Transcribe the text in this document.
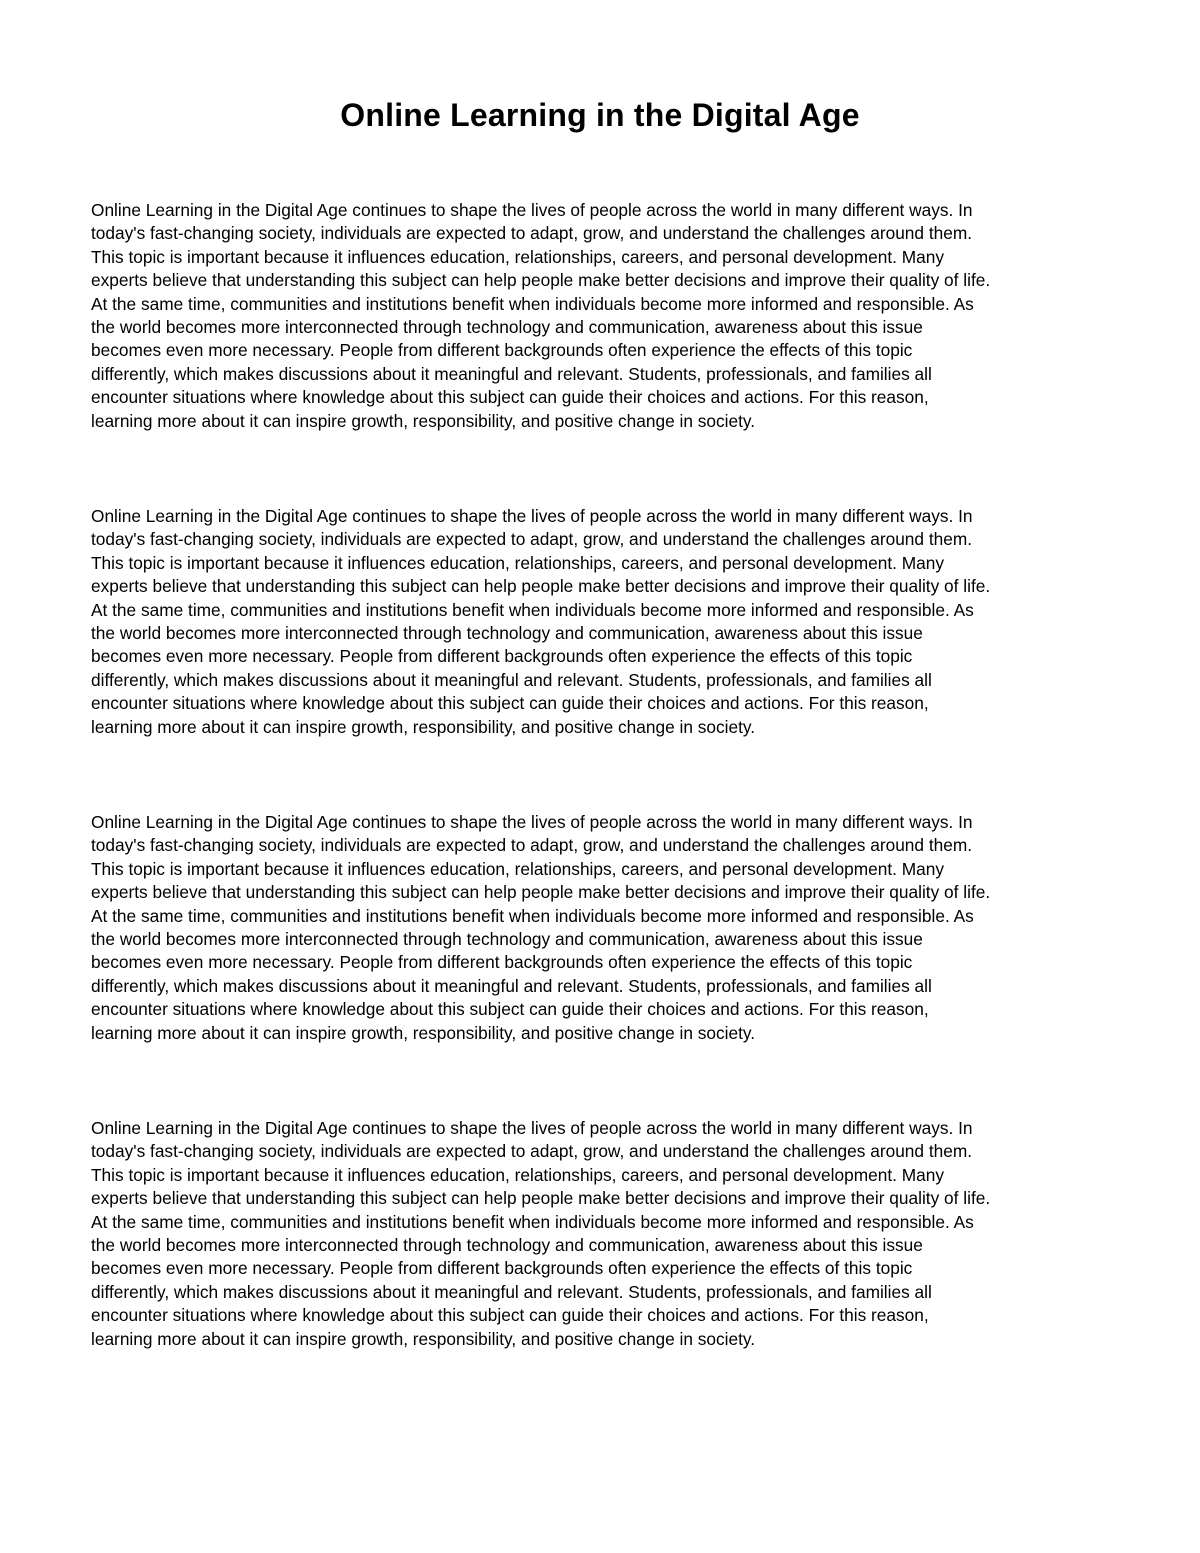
Online Learning in the Digital Age

Online Learning in the Digital Age continues to shape the lives of people across the world in many different ways. In
today's fast-changing society, individuals are expected to adapt, grow, and understand the challenges around them.
This topic is important because it influences education, relationships, careers, and personal development. Many
experts believe that understanding this subject can help people make better decisions and improve their quality of life.
At the same time, communities and institutions benefit when individuals become more informed and responsible. As
the world becomes more interconnected through technology and communication, awareness about this issue
becomes even more necessary. People from different backgrounds often experience the effects of this topic
differently, which makes discussions about it meaningful and relevant. Students, professionals, and families all
encounter situations where knowledge about this subject can guide their choices and actions. For this reason,
learning more about it can inspire growth, responsibility, and positive change in society.

Online Learning in the Digital Age continues to shape the lives of people across the world in many different ways. In
today's fast-changing society, individuals are expected to adapt, grow, and understand the challenges around them.
This topic is important because it influences education, relationships, careers, and personal development. Many
experts believe that understanding this subject can help people make better decisions and improve their quality of life.
At the same time, communities and institutions benefit when individuals become more informed and responsible. As
the world becomes more interconnected through technology and communication, awareness about this issue
becomes even more necessary. People from different backgrounds often experience the effects of this topic
differently, which makes discussions about it meaningful and relevant. Students, professionals, and families all
encounter situations where knowledge about this subject can guide their choices and actions. For this reason,
learning more about it can inspire growth, responsibility, and positive change in society.

Online Learning in the Digital Age continues to shape the lives of people across the world in many different ways. In
today's fast-changing society, individuals are expected to adapt, grow, and understand the challenges around them.
This topic is important because it influences education, relationships, careers, and personal development. Many
experts believe that understanding this subject can help people make better decisions and improve their quality of life.
At the same time, communities and institutions benefit when individuals become more informed and responsible. As
the world becomes more interconnected through technology and communication, awareness about this issue
becomes even more necessary. People from different backgrounds often experience the effects of this topic
differently, which makes discussions about it meaningful and relevant. Students, professionals, and families all
encounter situations where knowledge about this subject can guide their choices and actions. For this reason,
learning more about it can inspire growth, responsibility, and positive change in society.

Online Learning in the Digital Age continues to shape the lives of people across the world in many different ways. In
today's fast-changing society, individuals are expected to adapt, grow, and understand the challenges around them.
This topic is important because it influences education, relationships, careers, and personal development. Many
experts believe that understanding this subject can help people make better decisions and improve their quality of life.
At the same time, communities and institutions benefit when individuals become more informed and responsible. As
the world becomes more interconnected through technology and communication, awareness about this issue
becomes even more necessary. People from different backgrounds often experience the effects of this topic
differently, which makes discussions about it meaningful and relevant. Students, professionals, and families all
encounter situations where knowledge about this subject can guide their choices and actions. For this reason,
learning more about it can inspire growth, responsibility, and positive change in society.
